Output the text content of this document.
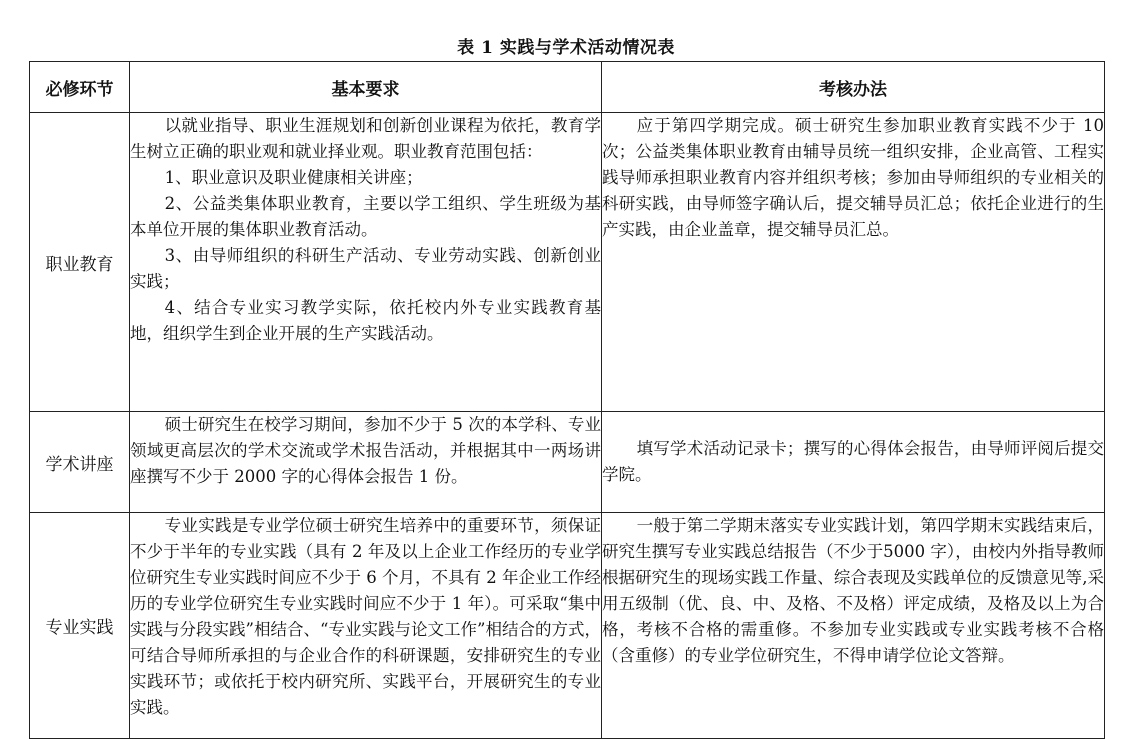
表 1 实践与学术活动情况表
必修环节	基本要求	考核办法
职业教育	以就业指导、职业生涯规划和创新创业课程为依托，教育学生树立正确的职业观和就业择业观。职业教育范围包括：

1、职业意识及职业健康相关讲座；

2、公益类集体职业教育，主要以学工组织、学生班级为基本单位开展的集体职业教育活动。

3、由导师组织的科研生产活动、专业劳动实践、创新创业实践；

4、结合专业实习教学实际，依托校内外专业实践教育基地，组织学生到企业开展的生产实践活动。	应于第四学期完成。硕士研究生参加职业教育实践不少于 10 次；公益类集体职业教育由辅导员统一组织安排，企业高管、工程实践导师承担职业教育内容并组织考核；参加由导师组织的专业相关的科研实践，由导师签字确认后，提交辅导员汇总；依托企业进行的生产实践，由企业盖章，提交辅导员汇总。

学术讲座	硕士研究生在校学习期间，参加不少于 5 次的本学科、专业领域更高层次的学术交流或学术报告活动，并根据其中一两场讲座撰写不少于 2000 字的心得体会报告 1 份。	填写学术活动记录卡；撰写的心得体会报告，由导师评阅后提交学院。

专业实践	专业实践是专业学位硕士研究生培养中的重要环节，须保证不少于半年的专业实践（具有 2 年及以上企业工作经历的专业学位研究生专业实践时间应不少于 6 个月，不具有 2 年企业工作经历的专业学位研究生专业实践时间应不少于 1 年）。可采取“集中实践与分段实践”相结合、“专业实践与论文工作”相结合的方式，可结合导师所承担的与企业合作的科研课题，安排研究生的专业实践环节；或依托于校内研究所、实践平台，开展研究生的专业实践。	一般于第二学期末落实专业实践计划，第四学期末实践结束后，研究生撰写专业实践总结报告（不少于5000 字），由校内外指导教师根据研究生的现场实践工作量、综合表现及实践单位的反馈意见等,采用五级制（优、良、中、及格、不及格）评定成绩，及格及以上为合格，考核不合格的需重修。不参加专业实践或专业实践考核不合格（含重修）的专业学位研究生，不得申请学位论文答辩。
